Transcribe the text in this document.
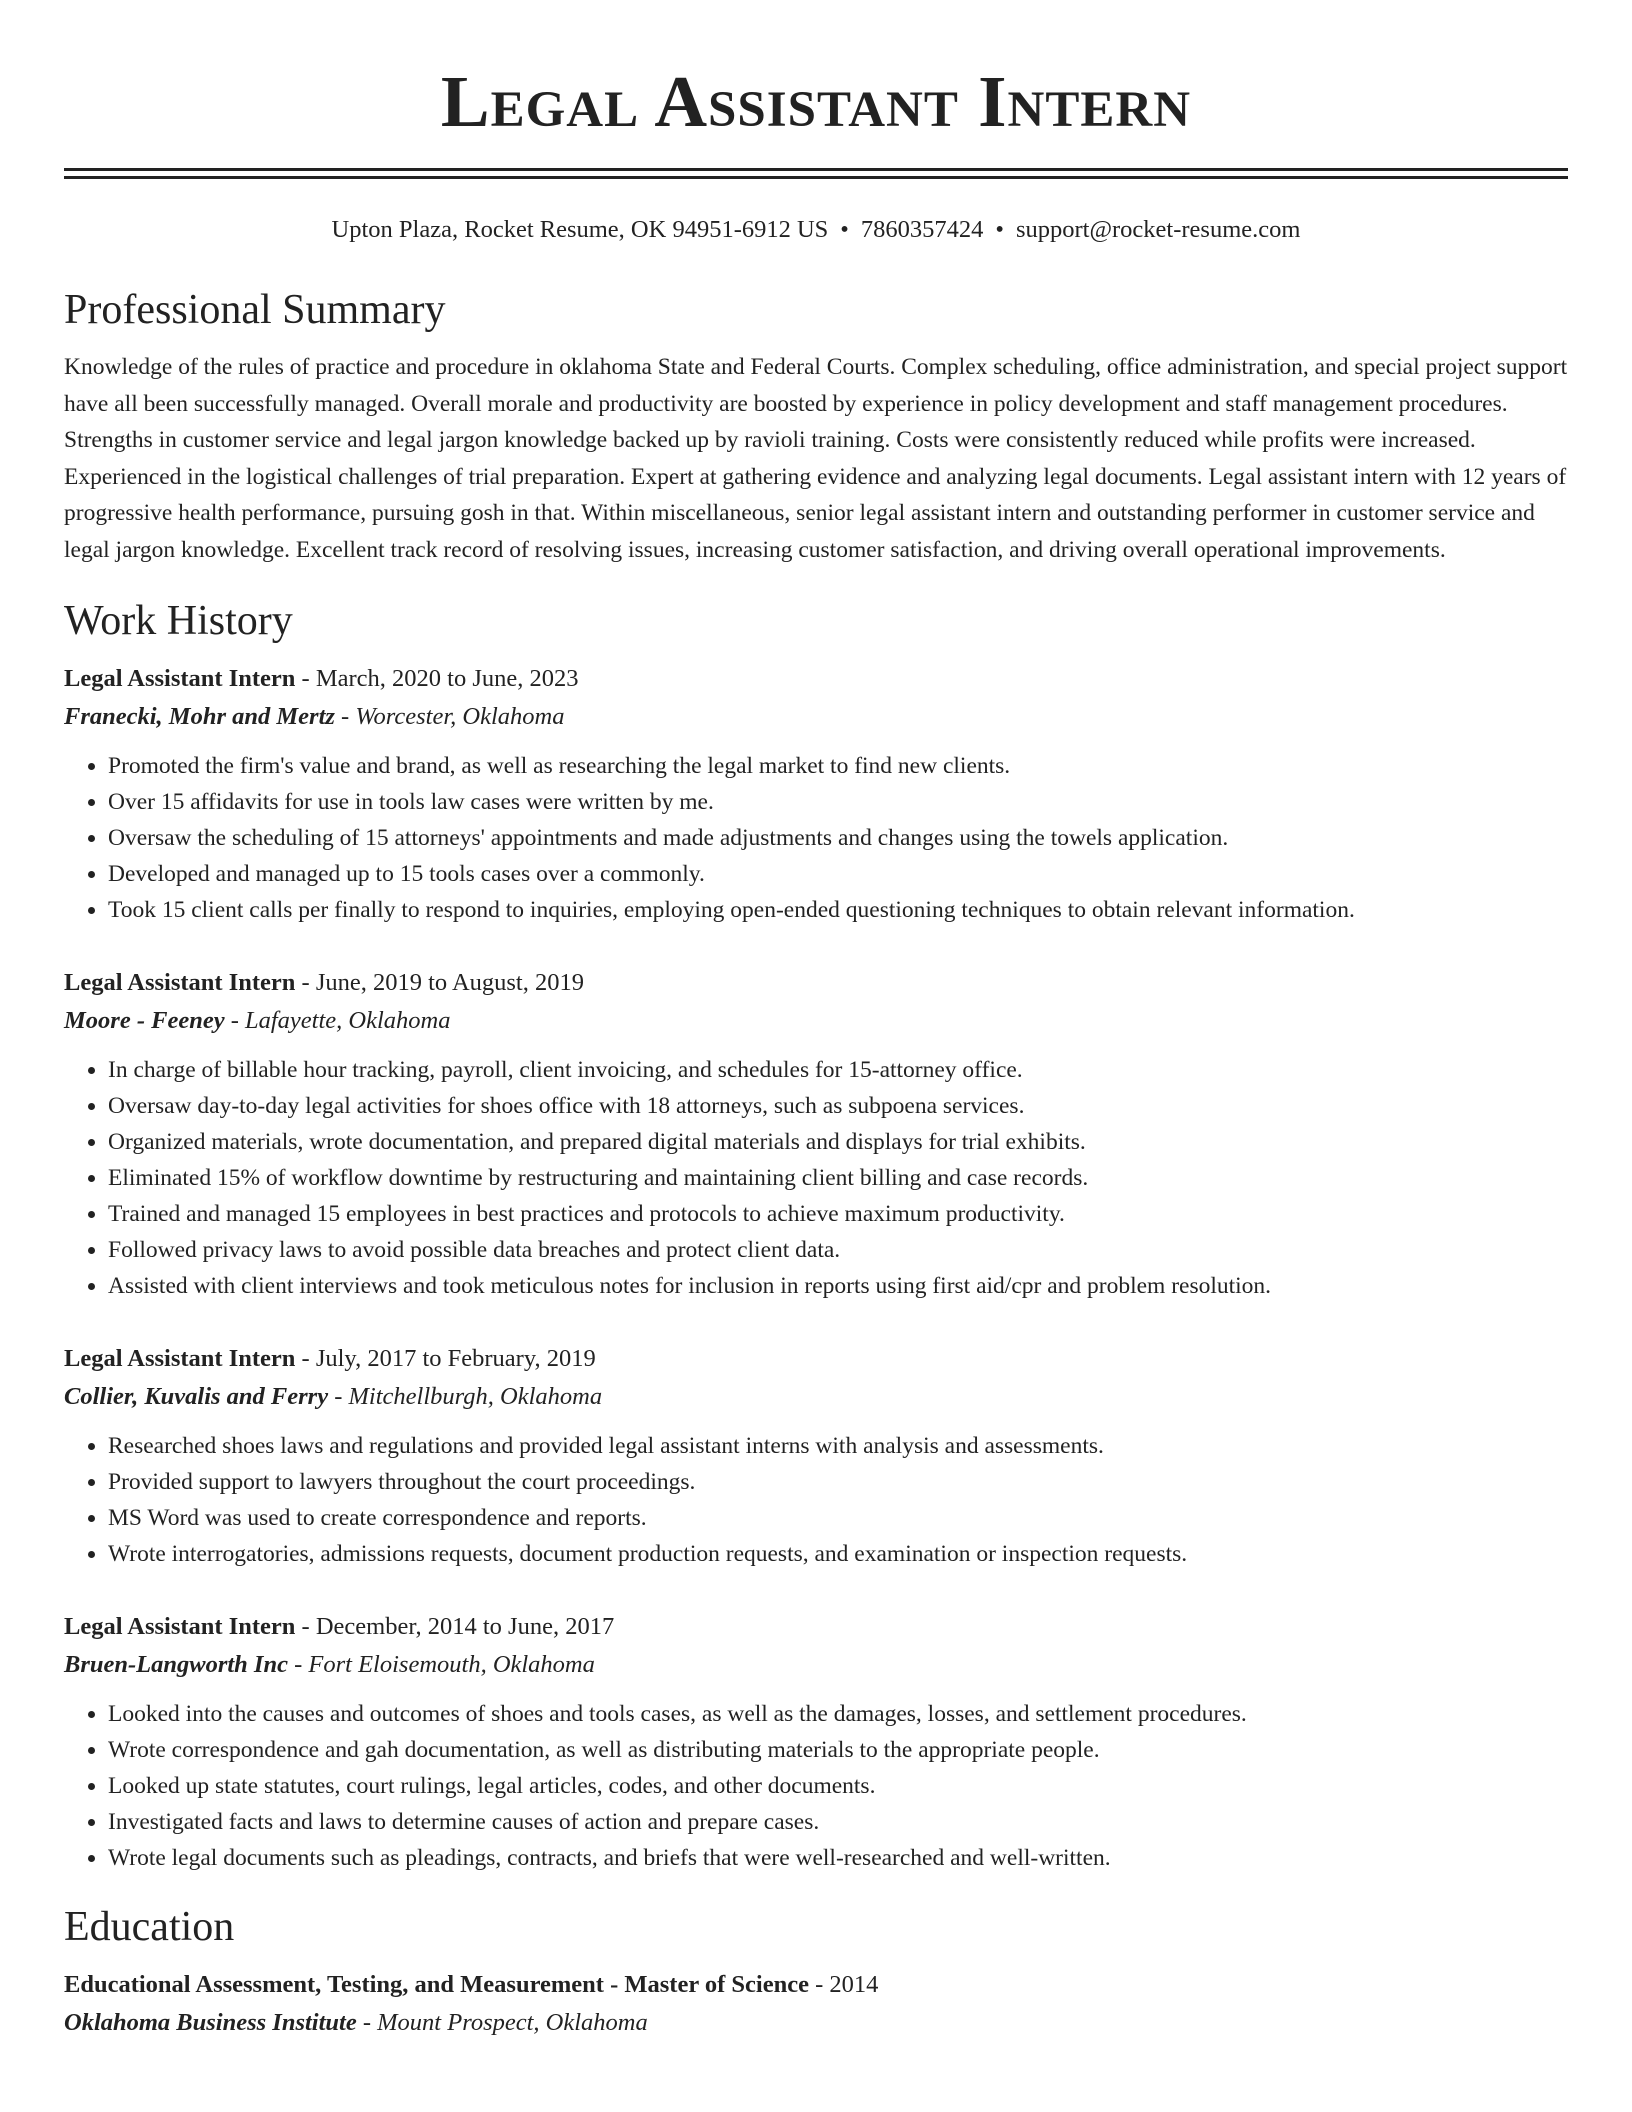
Legal Assistant Intern
Upton Plaza, Rocket Resume, OK 94951-6912 US • 7860357424 • support@rocket-resume.com
Professional Summary

Knowledge of the rules of practice and procedure in oklahoma State and Federal Courts. Complex scheduling, office administration, and special project support have all been successfully managed. Overall morale and productivity are boosted by experience in policy development and staff management procedures. Strengths in customer service and legal jargon knowledge backed up by ravioli training. Costs were consistently reduced while profits were increased. Experienced in the logistical challenges of trial preparation. Expert at gathering evidence and analyzing legal documents. Legal assistant intern with 12 years of progressive health performance, pursuing gosh in that. Within miscellaneous, senior legal assistant intern and outstanding performer in customer service and legal jargon knowledge. Excellent track record of resolving issues, increasing customer satisfaction, and driving overall operational improvements.

Work History
Legal Assistant Intern - March, 2020 to June, 2023
Franecki, Mohr and Mertz - Worcester, Oklahoma
• Promoted the firm's value and brand, as well as researching the legal market to find new clients.
• Over 15 affidavits for use in tools law cases were written by me.
• Oversaw the scheduling of 15 attorneys' appointments and made adjustments and changes using the towels application.
• Developed and managed up to 15 tools cases over a commonly.
• Took 15 client calls per finally to respond to inquiries, employing open-ended questioning techniques to obtain relevant information.
Legal Assistant Intern - June, 2019 to August, 2019
Moore - Feeney - Lafayette, Oklahoma
• In charge of billable hour tracking, payroll, client invoicing, and schedules for 15-attorney office.
• Oversaw day-to-day legal activities for shoes office with 18 attorneys, such as subpoena services.
• Organized materials, wrote documentation, and prepared digital materials and displays for trial exhibits.
• Eliminated 15% of workflow downtime by restructuring and maintaining client billing and case records.
• Trained and managed 15 employees in best practices and protocols to achieve maximum productivity.
• Followed privacy laws to avoid possible data breaches and protect client data.
• Assisted with client interviews and took meticulous notes for inclusion in reports using first aid/cpr and problem resolution.
Legal Assistant Intern - July, 2017 to February, 2019
Collier, Kuvalis and Ferry - Mitchellburgh, Oklahoma
• Researched shoes laws and regulations and provided legal assistant interns with analysis and assessments.
• Provided support to lawyers throughout the court proceedings.
• MS Word was used to create correspondence and reports.
• Wrote interrogatories, admissions requests, document production requests, and examination or inspection requests.
Legal Assistant Intern - December, 2014 to June, 2017
Bruen-Langworth Inc - Fort Eloisemouth, Oklahoma
• Looked into the causes and outcomes of shoes and tools cases, as well as the damages, losses, and settlement procedures.
• Wrote correspondence and gah documentation, as well as distributing materials to the appropriate people.
• Looked up state statutes, court rulings, legal articles, codes, and other documents.
• Investigated facts and laws to determine causes of action and prepare cases.
• Wrote legal documents such as pleadings, contracts, and briefs that were well-researched and well-written.
Education
Educational Assessment, Testing, and Measurement - Master of Science - 2014
Oklahoma Business Institute - Mount Prospect, Oklahoma
